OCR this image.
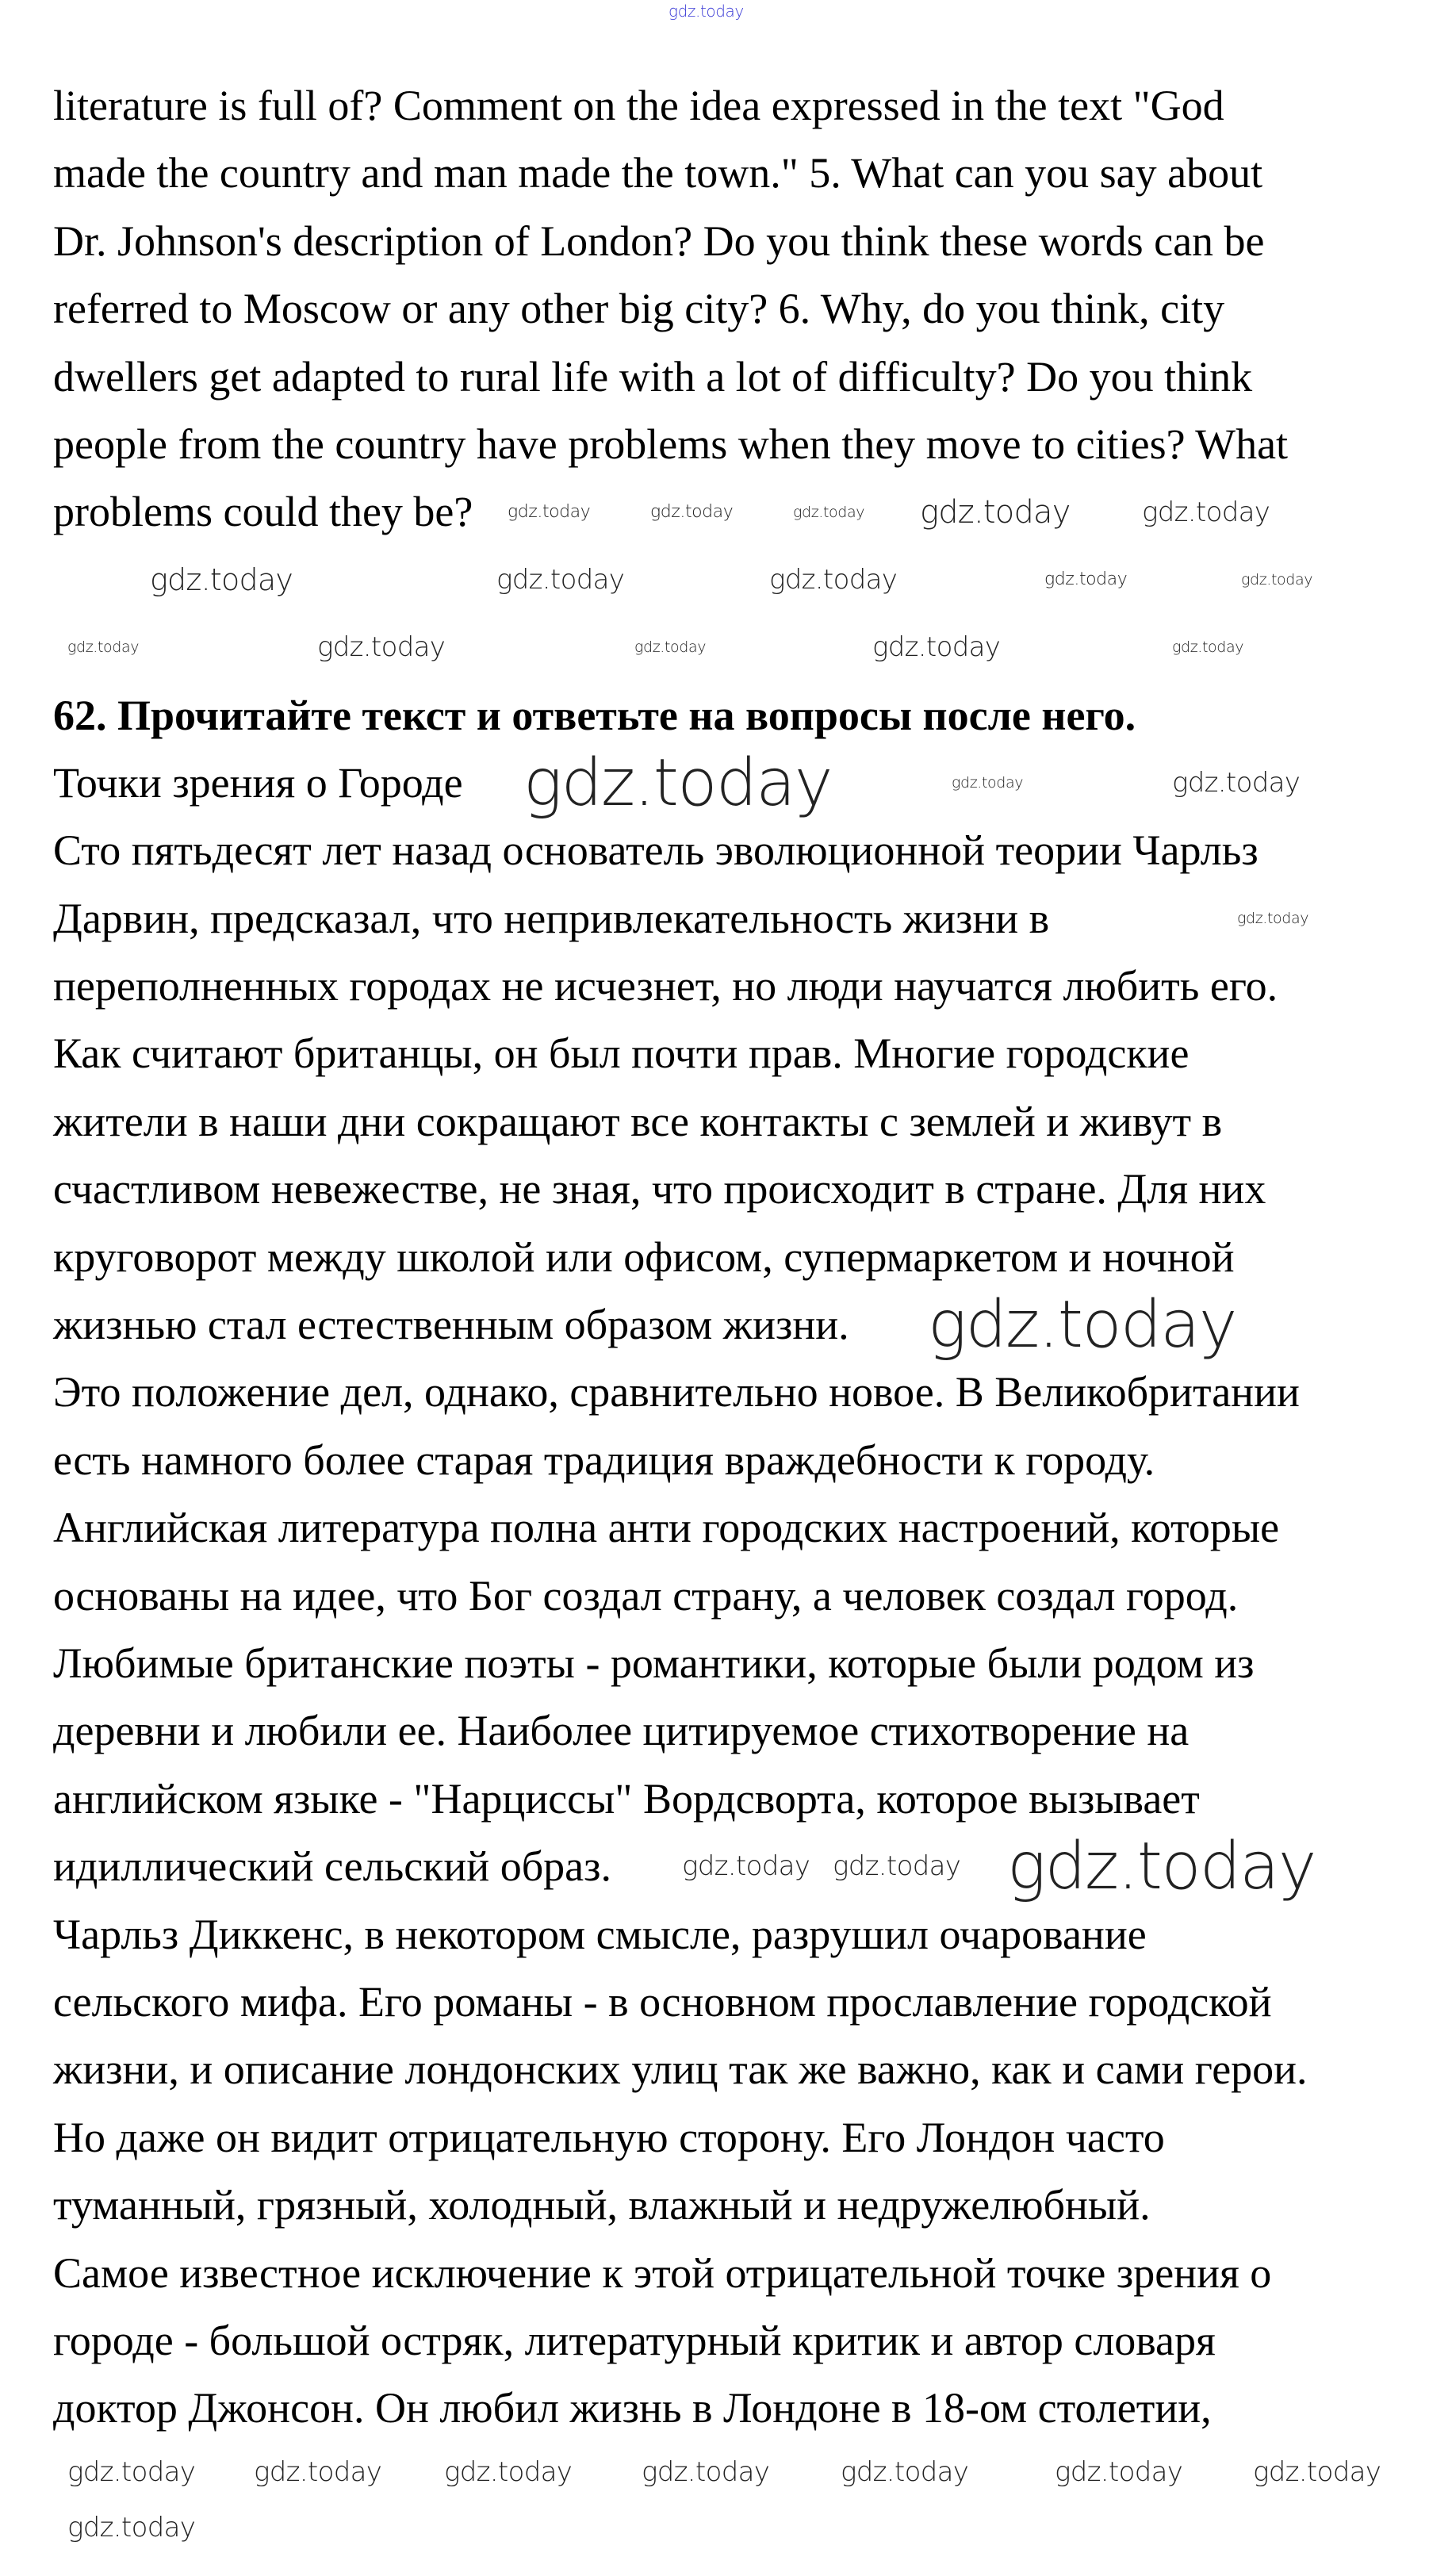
literature is full of? Comment on the idea expressed in the text "God
made the country and man made the town." 5. What can you say about
Dr. Johnson's description of London? Do you think these words can be
referred to Moscow or any other big city? 6. Why, do you think, city
dwellers get adapted to rural life with a lot of difficulty? Do you think
people from the country have problems when they move to cities? What
problems could they be?
62. Прочитайте текст и ответьте на вопросы после него.
Точки зрения о Городе
Сто пятьдесят лет назад основатель эволюционной теории Чарльз
Дарвин, предсказал, что непривлекательность жизни в
переполненных городах не исчезнет, но люди научатся любить его.
Как считают британцы, он был почти прав. Многие городские
жители в наши дни сокращают все контакты с землей и живут в
счастливом невежестве, не зная, что происходит в стране. Для них
круговорот между школой или офисом, супермаркетом и ночной
жизнью стал естественным образом жизни.
Это положение дел, однако, сравнительно новое. В Великобритании
есть намного более старая традиция враждебности к городу.
Английская литература полна анти городских настроений, которые
основаны на идее, что Бог создал страну, а человек создал город.
Любимые британские поэты - романтики, которые были родом из
деревни и любили ее. Наиболее цитируемое стихотворение на
английском языке - "Нарциссы" Вордсворта, которое вызывает
идиллический сельский образ.
Чарльз Диккенс, в некотором смысле, разрушил очарование
сельского мифа. Его романы - в основном прославление городской
жизни, и описание лондонских улиц так же важно, как и сами герои.
Но даже он видит отрицательную сторону. Его Лондон часто
туманный, грязный, холодный, влажный и недружелюбный.
Самое известное исключение к этой отрицательной точке зрения о
городе - большой остряк, литературный критик и автор словаря
доктор Джонсон. Он любил жизнь в Лондоне в 18-ом столетии,
gdz.today
gdz.today	gdz.today	gdz.today gdz.today	gdz.today
gdz.today	gdz.today	gdz.today	gdz.today	gdz.today
gdz.today	gdz.today	gdz.today	gdz.today	gdz.today
gdz.today	gdz.today	gdz.today
gdz.today
gdz.today
gdz.today gdz.today gdz.today
gdz.today gdz.today gdz.today	gdz.today	gdz.today	gdz.today	gdz.today
gdz.today
